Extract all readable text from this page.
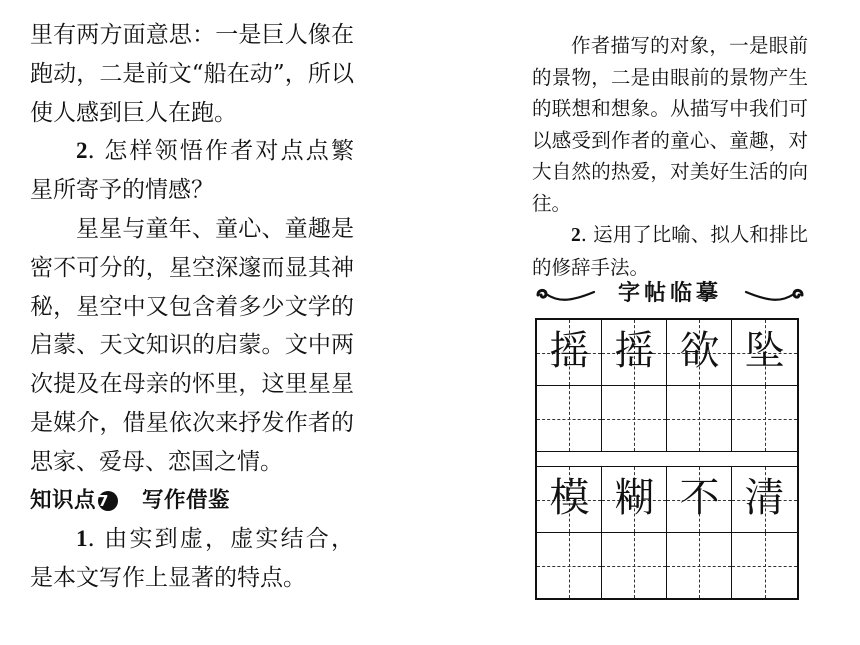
里有两方面意思：一是巨人像在跑动，二是前文“船在动”，所以使人感到巨人在跑。

2. 怎样领悟作者对点点繁星所寄予的情感？

星星与童年、童心、童趣是密不可分的，星空深邃而显其神秘，星空中又包含着多少文学的启蒙、天文知识的启蒙。文中两次提及在母亲的怀里，这里星星是媒介，借星依次来抒发作者的思家、爱母、恋国之情。

知识点 7 写作借鉴

1. 由实到虚，虚实结合，是本文写作上显著的特点。

作者描写的对象，一是眼前的景物，二是由眼前的景物产生的联想和想象。从描写中我们可以感受到作者的童心、童趣，对大自然的热爱，对美好生活的向往。

2. 运用了比喻、拟人和排比的修辞手法。

字帖临摹
摇 摇 欲 坠
模 糊 不 清
